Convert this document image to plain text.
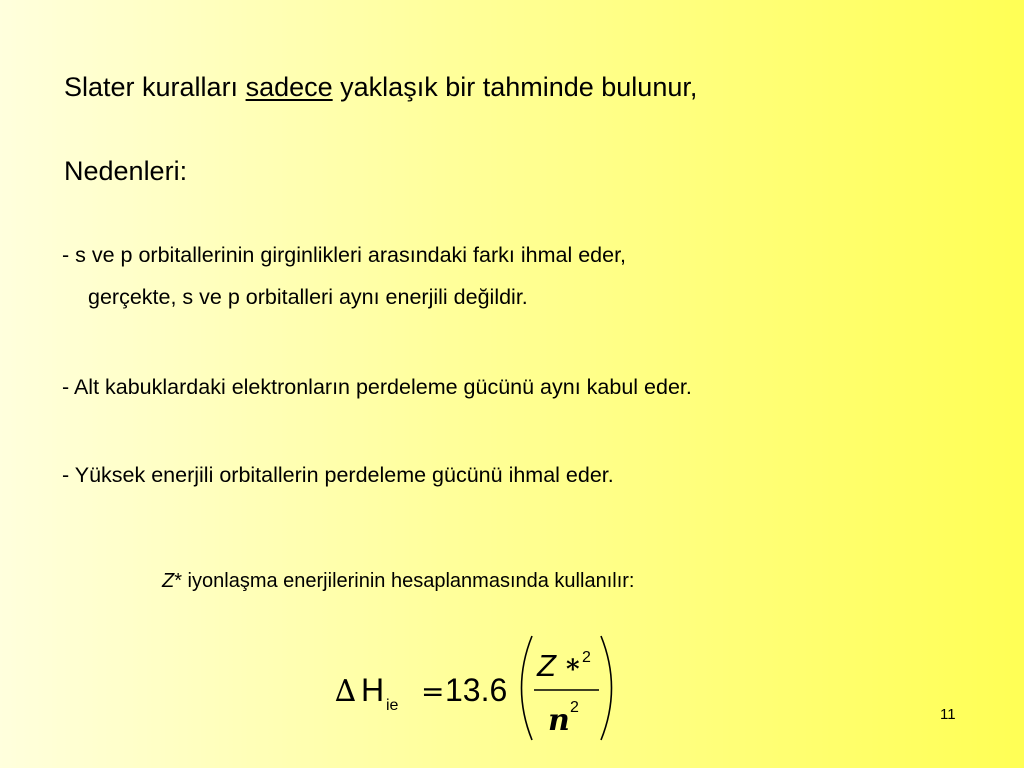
Slater kuralları sadece yaklaşık bir tahminde bulunur,
Nedenleri:
- s ve p orbitallerinin girginlikleri arasındaki farkı ihmal eder,
gerçekte, s ve p orbitalleri aynı enerjili değildir.
- Alt kabuklardaki elektronların perdeleme gücünü aynı kabul eder.
- Yüksek enerjili orbitallerin perdeleme gücünü ihmal eder.
Z* iyonlaşma enerjilerinin hesaplanmasında kullanılır:
∆ H ie = 13.6
Z * 2
n 2	11
